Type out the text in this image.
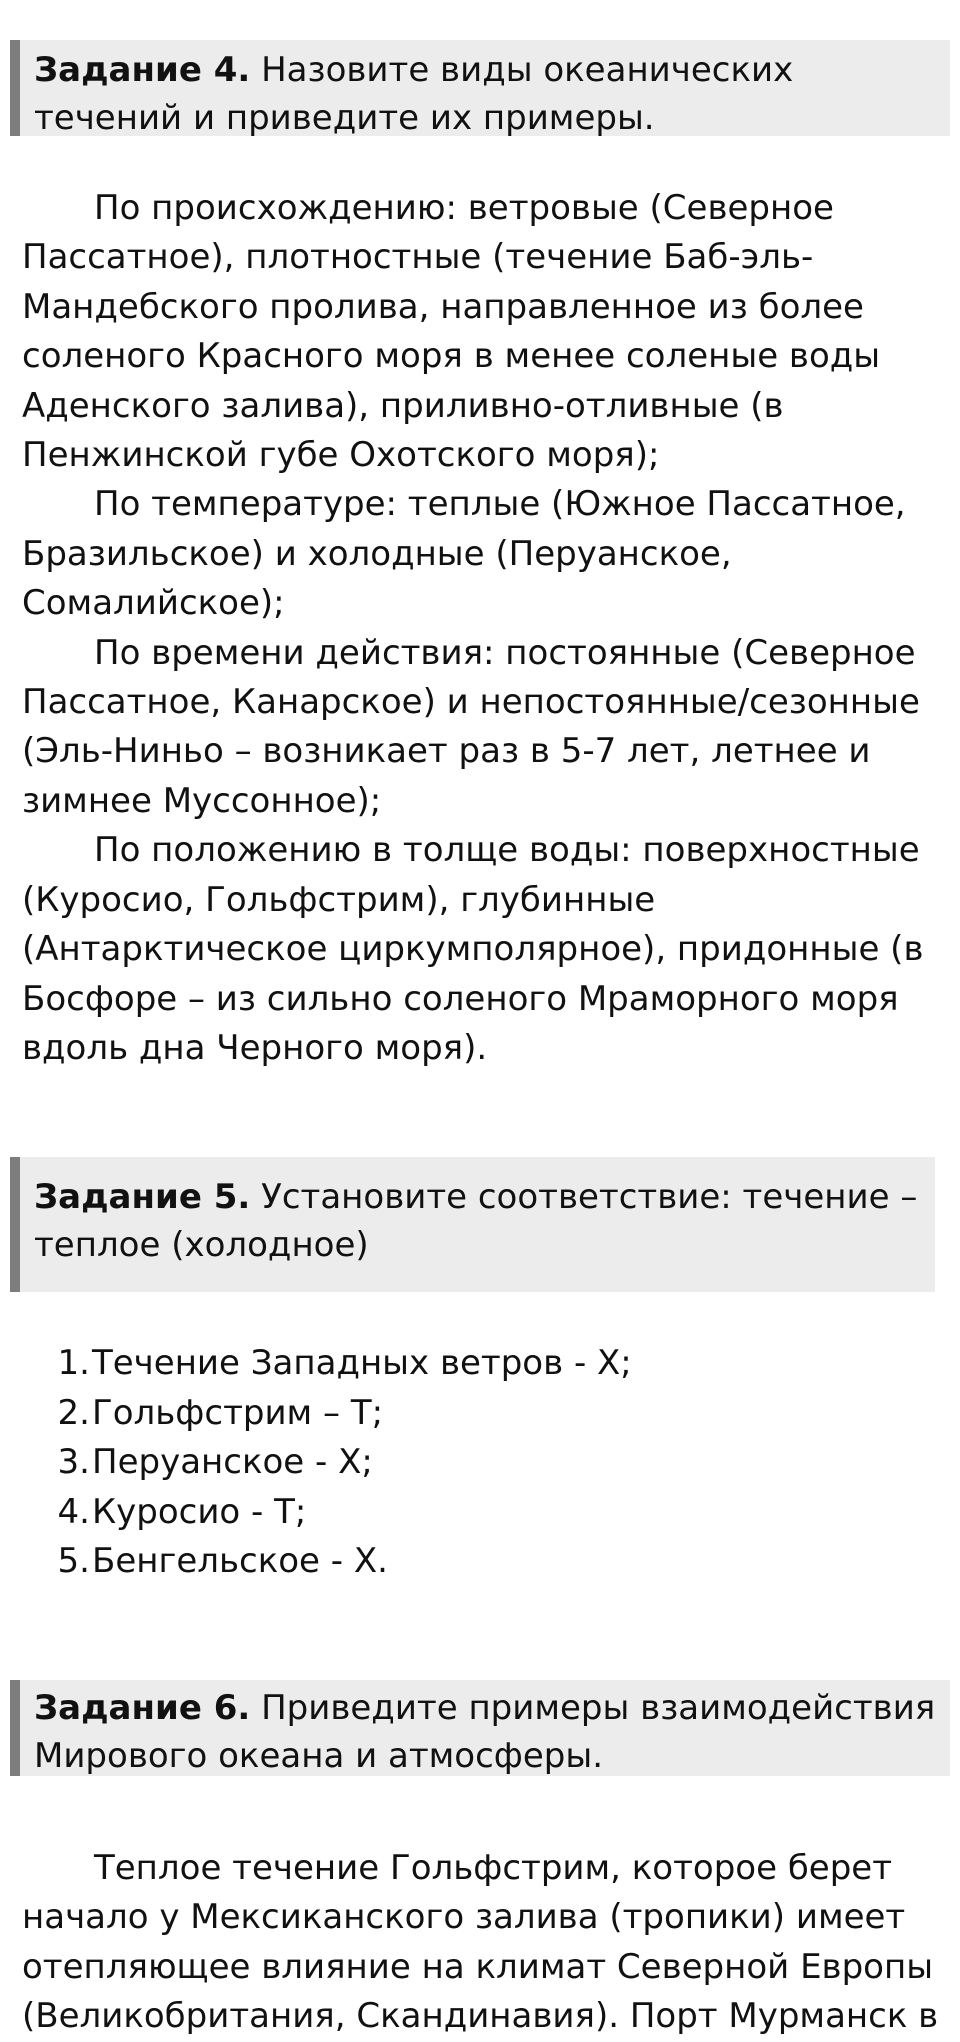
Задание 4. Назовите виды океанических течений и приведите их примеры.

По происхождению: ветровые (Северное Пассатное), плотностные (течение Баб-эль-Мандебского пролива, направленное из более соленого Красного моря в менее соленые воды Аденского залива), приливно-отливные (в Пенжинской губе Охотского моря);

По температуре: теплые (Южное Пассатное, Бразильское) и холодные (Перуанское, Сомалийское);

По времени действия: постоянные (Северное Пассатное, Канарское) и непостоянные/сезонные (Эль-Ниньо – возникает раз в 5-7 лет, летнее и зимнее Муссонное);

По положению в толще воды: поверхностные (Куросио, Гольфстрим), глубинные (Антарктическое циркумполярное), придонные (в Босфоре – из сильно соленого Мраморного моря вдоль дна Черного моря).

Задание 5. Установите соответствие: течение – теплое (холодное)
1. Течение Западных ветров - Х;
2. Гольфстрим – Т;
3. Перуанское - Х;
4. Куросио - Т;
5. Бенгельское - Х.
Задание 6. Приведите примеры взаимодействия Мирового океана и атмосферы.

Теплое течение Гольфстрим, которое берет начало у Мексиканского залива (тропики) имеет отепляющее влияние на климат Северной Европы (Великобритания, Скандинавия). Порт Мурманск в
